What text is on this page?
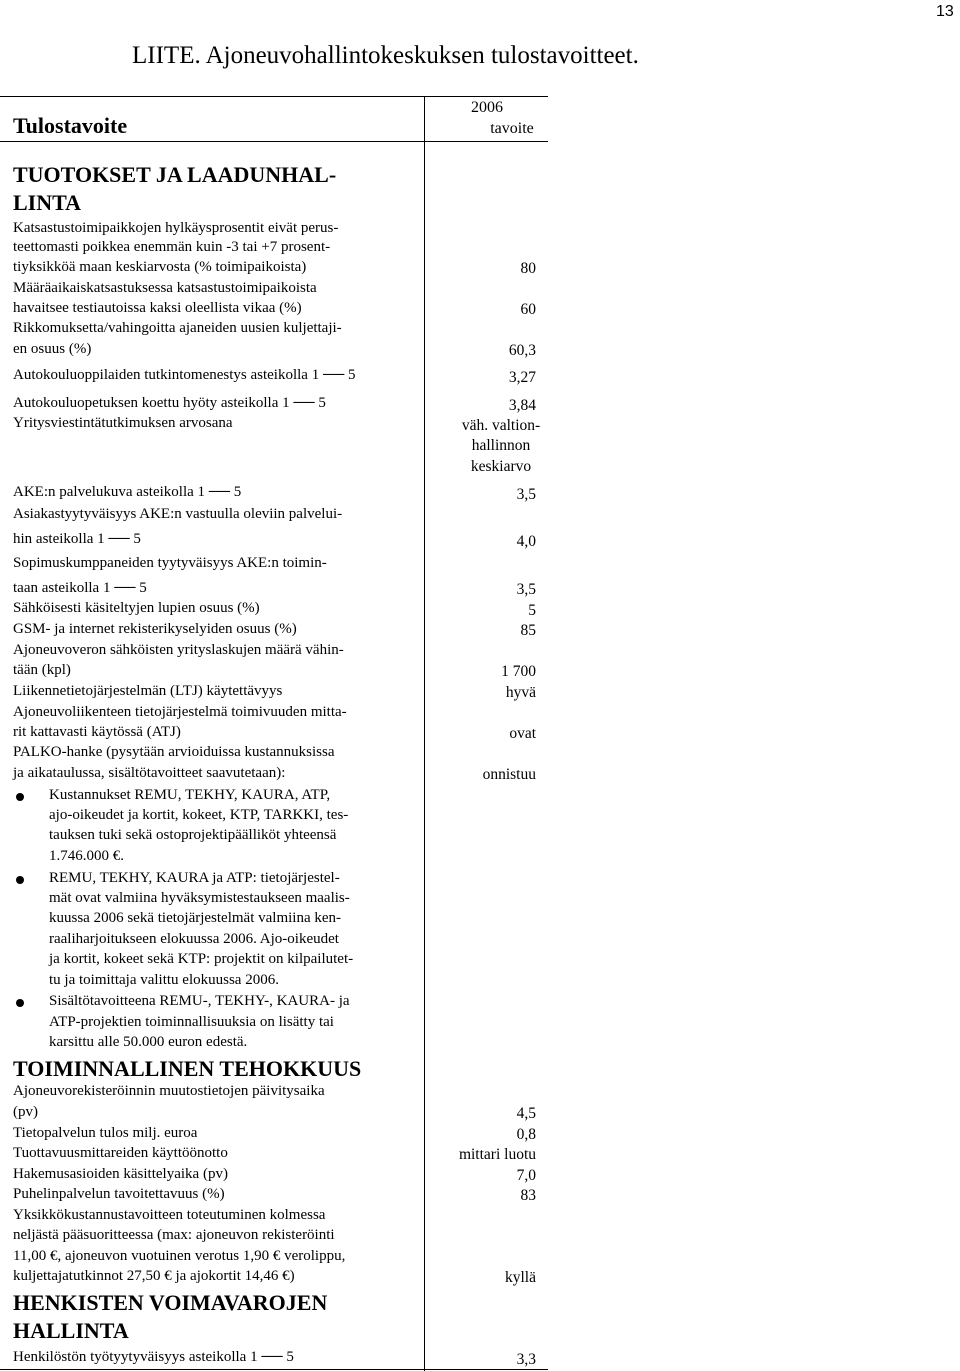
13
LIITE. Ajoneuvohallintokeskuksen tulostavoitteet.
Tulostavoite
2006
tavoite
TUOTOKSET JA LAADUNHAL-
LINTA
Katsastustoimipaikkojen hylkäysprosentit eivät perus-
teettomasti poikkea enemmän kuin -3 tai +7 prosent-
tiyksikköä maan keskiarvosta (% toimipaikoista)	80
Määräaikaiskatsastuksessa katsastustoimipaikoista
havaitsee testiautoissa kaksi oleellista vikaa (%)	60
Rikkomuksetta/vahingoitta ajaneiden uusien kuljettaji-
en osuus (%)	60,3
Autokouluoppilaiden tutkintomenestys asteikolla 1 ── 5	3,27
Autokouluopetuksen koettu hyöty asteikolla 1 ── 5	3,84
Yritysviestintätutkimuksen arvosana	väh. valtion-
hallinnon
keskiarvo
AKE:n palvelukuva asteikolla 1 ── 5	3,5
Asiakastyytyväisyys AKE:n vastuulla oleviin palvelui-
hin asteikolla 1 ── 5	4,0
Sopimuskumppaneiden tyytyväisyys AKE:n toimin-
taan asteikolla 1 ── 5	3,5
Sähköisesti käsiteltyjen lupien osuus (%)	5
GSM- ja internet rekisterikyselyiden osuus (%)	85
Ajoneuvoveron sähköisten yrityslaskujen määrä vähin-
tään (kpl)	1 700
Liikennetietojärjestelmän (LTJ) käytettävyys	hyvä
Ajoneuvoliikenteen tietojärjestelmä toimivuuden mitta-
rit kattavasti käytössä (ATJ)	ovat
PALKO-hanke (pysytään arvioiduissa kustannuksissa
ja aikataulussa, sisältötavoitteet saavutetaan):	onnistuu
Kustannukset REMU, TEKHY, KAURA, ATP,
ajo-oikeudet ja kortit, kokeet, KTP, TARKKI, tes-
tauksen tuki sekä ostoprojektipäälliköt yhteensä
1.746.000 €.
REMU, TEKHY, KAURA ja ATP: tietojärjestel-
mät ovat valmiina hyväksymistestaukseen maalis-
kuussa 2006 sekä tietojärjestelmät valmiina ken-
raaliharjoitukseen elokuussa 2006. Ajo-oikeudet
ja kortit, kokeet sekä KTP: projektit on kilpailutet-
tu ja toimittaja valittu elokuussa 2006.
Sisältötavoitteena REMU-, TEKHY-, KAURA- ja
ATP-projektien toiminnallisuuksia on lisätty tai
karsittu alle 50.000 euron edestä.
TOIMINNALLINEN TEHOKKUUS
Ajoneuvorekisteröinnin muutostietojen päivitysaika
(pv)	4,5
Tietopalvelun tulos milj. euroa	0,8
Tuottavuusmittareiden käyttöönotto	mittari luotu
Hakemusasioiden käsittelyaika (pv)	7,0
Puhelinpalvelun tavoitettavuus (%)	83
Yksikkökustannustavoitteen toteutuminen kolmessa
neljästä pääsuoritteessa (max: ajoneuvon rekisteröinti
11,00 €, ajoneuvon vuotuinen verotus 1,90 € verolippu,
kuljettajatutkinnot 27,50 € ja ajokortit 14,46 €)	kyllä
HENKISTEN VOIMAVAROJEN
HALLINTA
Henkilöstön työtyytyväisyys asteikolla 1 ── 5	3,3
